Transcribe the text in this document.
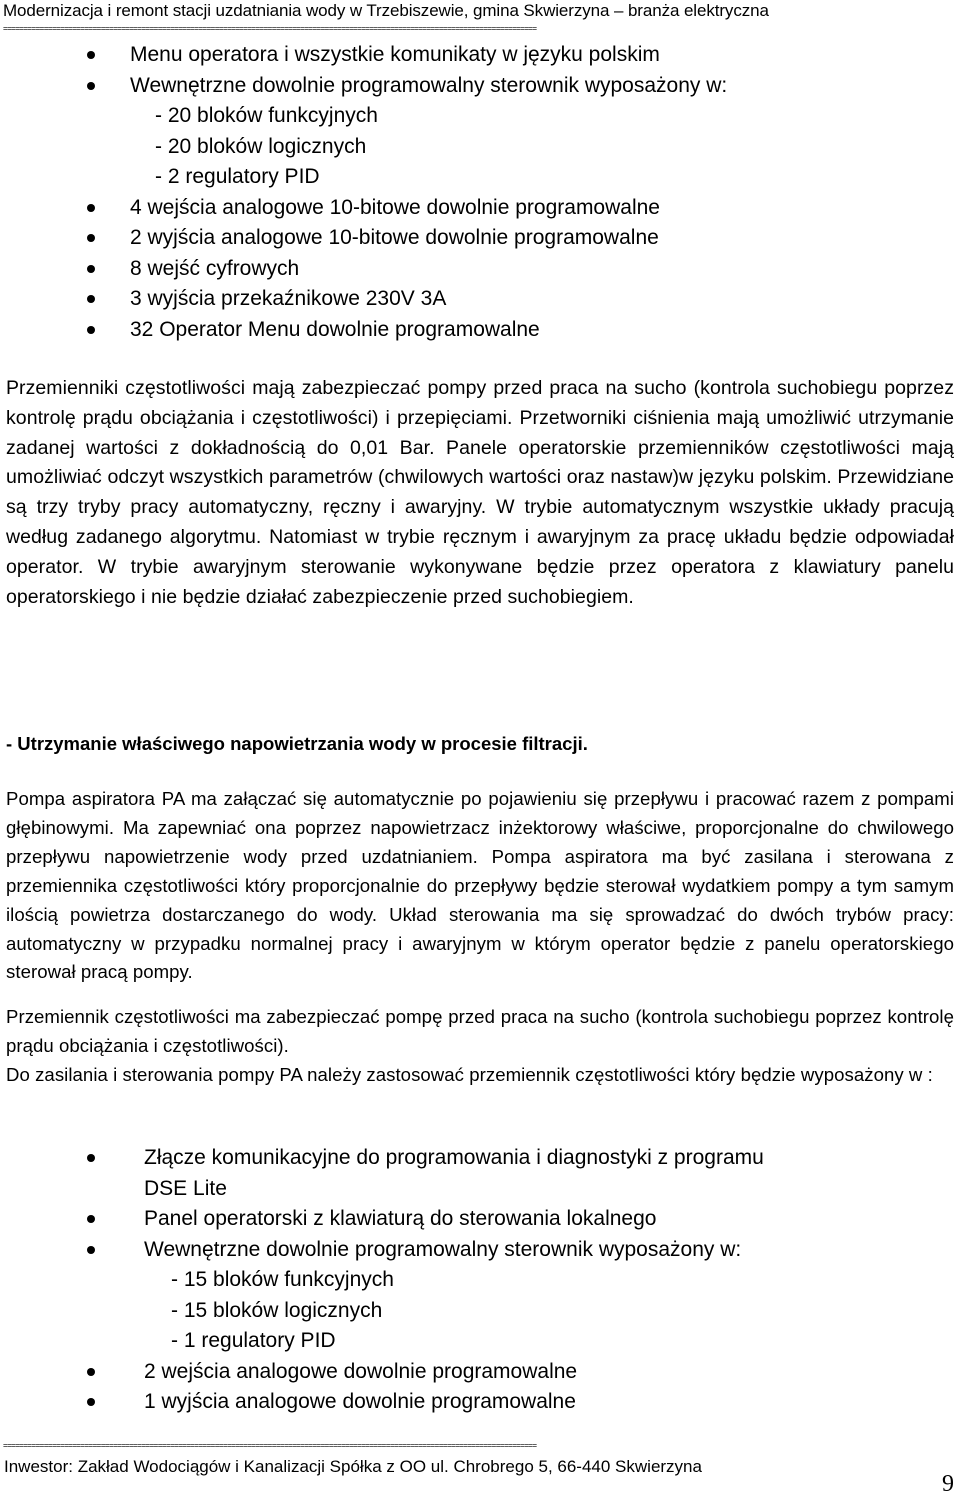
Modernizacja i remont stacji uzdatniania wody w Trzebiszewie, gmina Skwierzyna – branża elektryczna
===================================================================================================================================
Menu operatora i wszystkie komunikaty w języku polskim
Wewnętrzne dowolnie programowalny sterownik wyposażony w:
- 20 bloków funkcyjnych
- 20 bloków logicznych
- 2 regulatory PID
4 wejścia analogowe 10-bitowe dowolnie programowalne
2 wyjścia analogowe 10-bitowe dowolnie programowalne
8 wejść cyfrowych
3 wyjścia przekaźnikowe 230V 3A
32 Operator Menu dowolnie programowalne

Przemienniki częstotliwości mają zabezpieczać pompy przed praca na sucho (kontrola suchobiegu poprzez kontrolę prądu obciążania i częstotliwości) i przepięciami. Przetworniki ciśnienia mają umożliwić utrzymanie zadanej wartości z dokładnością do 0,01 Bar. Panele operatorskie przemienników częstotliwości mają umożliwiać odczyt wszystkich parametrów (chwilowych wartości oraz nastaw)w języku polskim. Przewidziane są trzy tryby pracy automatyczny, ręczny i awaryjny. W trybie automatycznym wszystkie układy pracują według zadanego algorytmu. Natomiast w trybie ręcznym i awaryjnym za pracę układu będzie odpowiadał operator. W trybie awaryjnym sterowanie wykonywane będzie przez operatora z klawiatury panelu operatorskiego i nie będzie działać zabezpieczenie przed suchobiegiem.

- Utrzymanie właściwego napowietrzania wody w procesie filtracji.

Pompa aspiratora PA ma załączać się automatycznie po pojawieniu się przepływu i pracować razem z pompami głębinowymi. Ma zapewniać ona poprzez napowietrzacz inżektorowy właściwe, proporcjonalne do chwilowego przepływu napowietrzenie wody przed uzdatnianiem. Pompa aspiratora ma być zasilana i sterowana z przemiennika częstotliwości który proporcjonalnie do przepływy będzie sterował wydatkiem pompy a tym samym ilością powietrza dostarczanego do wody. Układ sterowania ma się sprowadzać do dwóch trybów pracy: automatyczny w przypadku normalnej pracy i awaryjnym w którym operator będzie z panelu operatorskiego sterował pracą pompy.

Przemiennik częstotliwości ma zabezpieczać pompę przed praca na sucho (kontrola suchobiegu poprzez kontrolę prądu obciążania i częstotliwości).

Do zasilania i sterowania pompy PA należy zastosować przemiennik częstotliwości który będzie wyposażony w :

Złącze komunikacyjne do programowania i diagnostyki z programu
DSE Lite
Panel operatorski z klawiaturą do sterowania lokalnego
Wewnętrzne dowolnie programowalny sterownik wyposażony w:
- 15 bloków funkcyjnych
- 15 bloków logicznych
- 1 regulatory PID
2 wejścia analogowe dowolnie programowalne
1 wyjścia analogowe dowolnie programowalne
===================================================================================================================================
Inwestor: Zakład Wodociągów i Kanalizacji Spółka z OO ul. Chrobrego 5, 66-440 Skwierzyna
9
